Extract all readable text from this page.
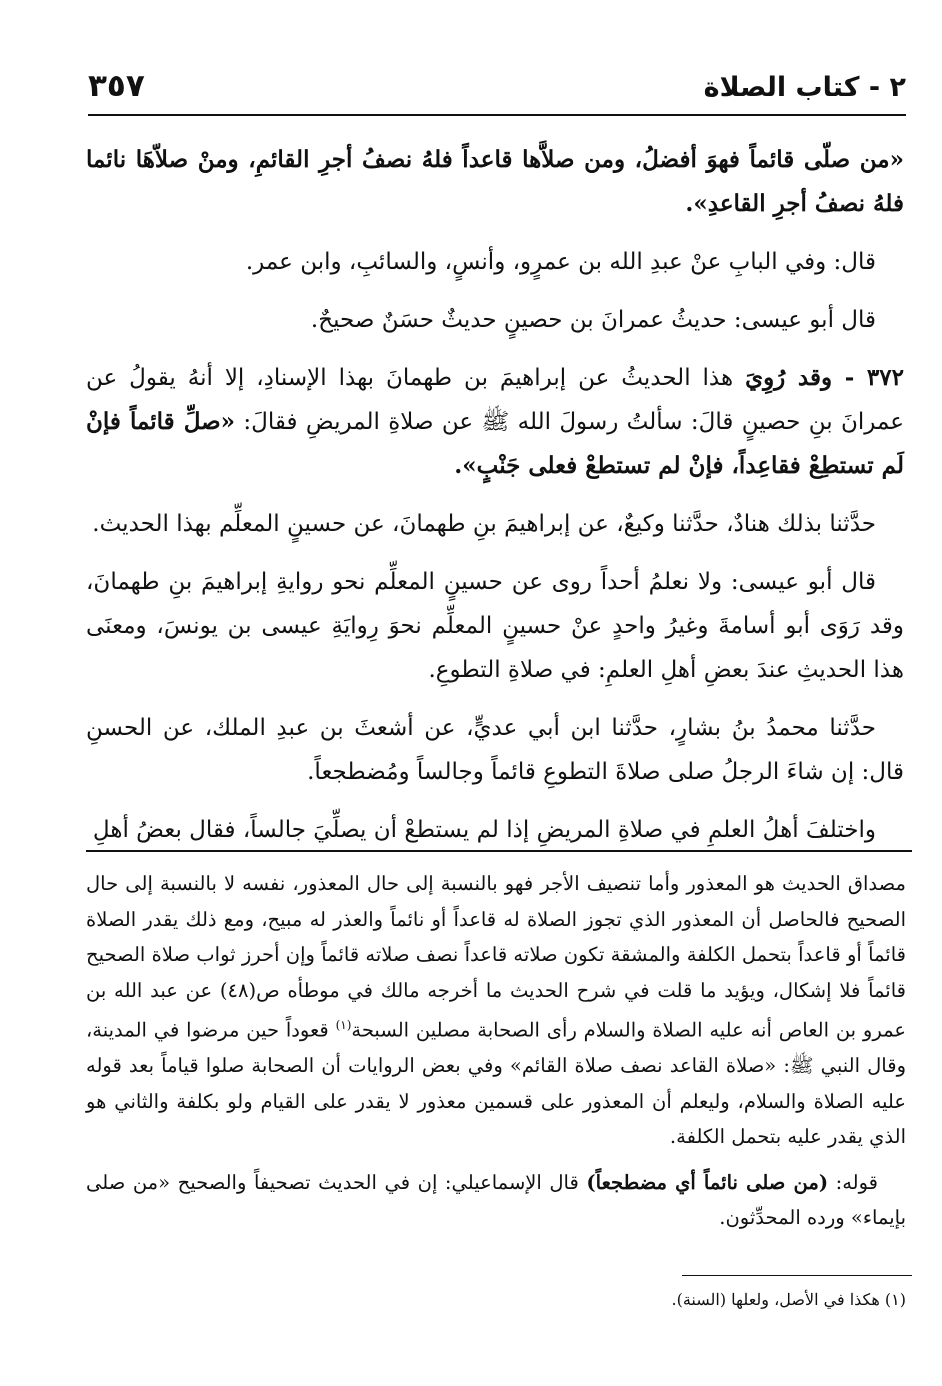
٢ - كتاب الصلاة
٣٥٧

«من صلّى قائماً فهوَ أفضلُ، ومن صلاَّها قاعداً فلهُ نصفُ أجرِ القائمِ، ومنْ صلاّهَا نائما فلهُ نصفُ أجرِ القاعدِ».

قال: وفي البابِ عنْ عبدِ الله بن عمرٍو، وأنسٍ، والسائبِ، وابن عمر.

قال أبو عيسى: حديثُ عمرانَ بن حصينٍ حديثٌ حسَنٌ صحيحٌ.

٣٧٢ - وقد رُوِيَ هذا الحديثُ عن إبراهيمَ بن طهمانَ بهذا الإسنادِ، إلا أنهُ يقولُ عن عمرانَ بنِ حصينٍ قالَ: سألتُ رسولَ الله ﷺ عن صلاةِ المريضِ فقالَ: «صلِّ قائماً فإنْ لَم تستطِعْ فقاعِداً، فإنْ لم تستطعْ فعلى جَنْبٍ».

حدَّثنا بذلك هنادٌ، حدَّثنا وكيعٌ، عن إبراهيمَ بنِ طهمانَ، عن حسينٍ المعلِّم بهذا الحديث.

قال أبو عيسى: ولا نعلمُ أحداً روى عن حسينٍ المعلِّم نحو روايةِ إبراهيمَ بنِ طهمانَ، وقد رَوَى أبو أسامةَ وغيرُ واحدٍ عنْ حسينٍ المعلِّم نحوَ رِوايَةِ عيسى بن يونسَ، ومعنَى هذا الحديثِ عندَ بعضِ أهلِ العلمِ: في صلاةِ التطوعِ.

حدَّثنا محمدُ بنُ بشارٍ، حدَّثنا ابن أبي عديٍّ، عن أشعثَ بن عبدِ الملك، عن الحسنِ قال: إن شاءَ الرجلُ صلى صلاةَ التطوعِ قائماً وجالساً ومُضطجعاً.

واختلفَ أهلُ العلمِ في صلاةِ المريضِ إذا لم يستطعْ أن يصلِّيَ جالساً، فقال بعضُ أهلِ

مصداق الحديث هو المعذور وأما تنصيف الأجر فهو بالنسبة إلى حال المعذور، نفسه لا بالنسبة إلى حال الصحيح فالحاصل أن المعذور الذي تجوز الصلاة له قاعداً أو نائماً والعذر له مبيح، ومع ذلك يقدر الصلاة قائماً أو قاعداً بتحمل الكلفة والمشقة تكون صلاته قاعداً نصف صلاته قائماً وإن أحرز ثواب صلاة الصحيح قائماً فلا إشكال، ويؤيد ما قلت في شرح الحديث ما أخرجه مالك في موطأه ص(٤٨) عن عبد الله بن عمرو بن العاص أنه عليه الصلاة والسلام رأى الصحابة مصلين السبحة$^{(١)}$ قعوداً حين مرضوا في المدينة، وقال النبي ﷺ: «صلاة القاعد نصف صلاة القائم» وفي بعض الروايات أن الصحابة صلوا قياماً بعد قوله عليه الصلاة والسلام، وليعلم أن المعذور على قسمين معذور لا يقدر على القيام ولو بكلفة والثاني هو الذي يقدر عليه بتحمل الكلفة.

قوله: (من صلى نائماً أي مضطجعاً) قال الإسماعيلي: إن في الحديث تصحيفاً والصحيح «من صلى بإيماء» ورده المحدِّثون.

(١) هكذا في الأصل، ولعلها (السنة).
